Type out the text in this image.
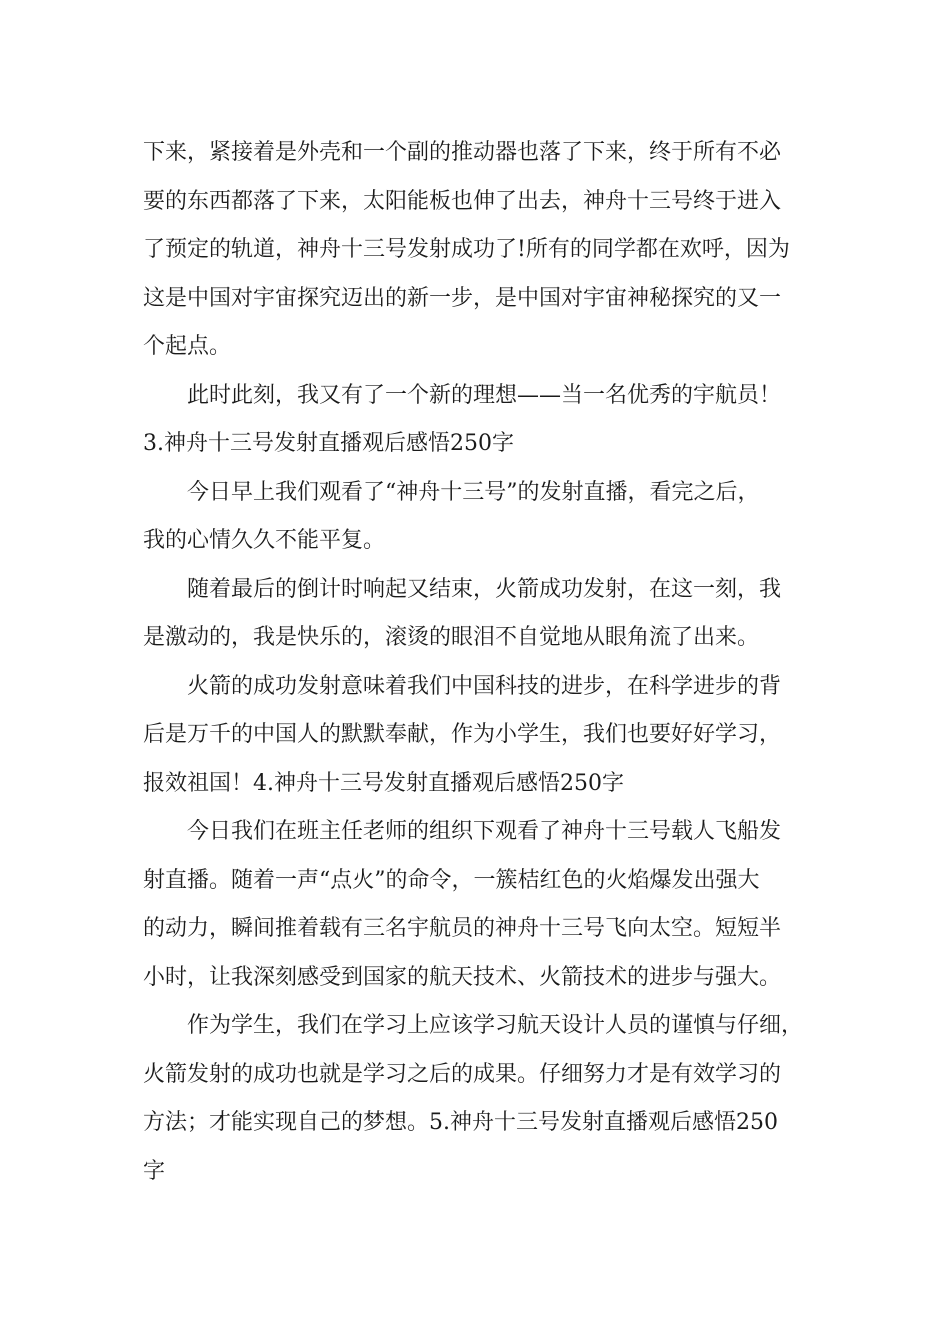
下来，紧接着是外壳和一个副的推动器也落了下来，终于所有不必
要的东西都落了下来，太阳能板也伸了出去，神舟十三号终于进入
了预定的轨道，神舟十三号发射成功了!所有的同学都在欢呼，因为
这是中国对宇宙探究迈出的新一步，是中国对宇宙神秘探究的又一
个起点。
此时此刻，我又有了一个新的理想——当一名优秀的宇航员！
3.神舟十三号发射直播观后感悟250字
今日早上我们观看了“神舟十三号”的发射直播，看完之后，
我的心情久久不能平复。
随着最后的倒计时响起又结束，火箭成功发射，在这一刻，我
是激动的，我是快乐的，滚烫的眼泪不自觉地从眼角流了出来。
火箭的成功发射意味着我们中国科技的进步，在科学进步的背
后是万千的中国人的默默奉献，作为小学生，我们也要好好学习，
报效祖国！4.神舟十三号发射直播观后感悟250字
今日我们在班主任老师的组织下观看了神舟十三号载人飞船发
射直播。随着一声“点火”的命令，一簇桔红色的火焰爆发出强大
的动力，瞬间推着载有三名宇航员的神舟十三号飞向太空。短短半
小时，让我深刻感受到国家的航天技术、火箭技术的进步与强大。
作为学生，我们在学习上应该学习航天设计人员的谨慎与仔细，
火箭发射的成功也就是学习之后的成果。仔细努力才是有效学习的
方法；才能实现自己的梦想。5.神舟十三号发射直播观后感悟250
字
